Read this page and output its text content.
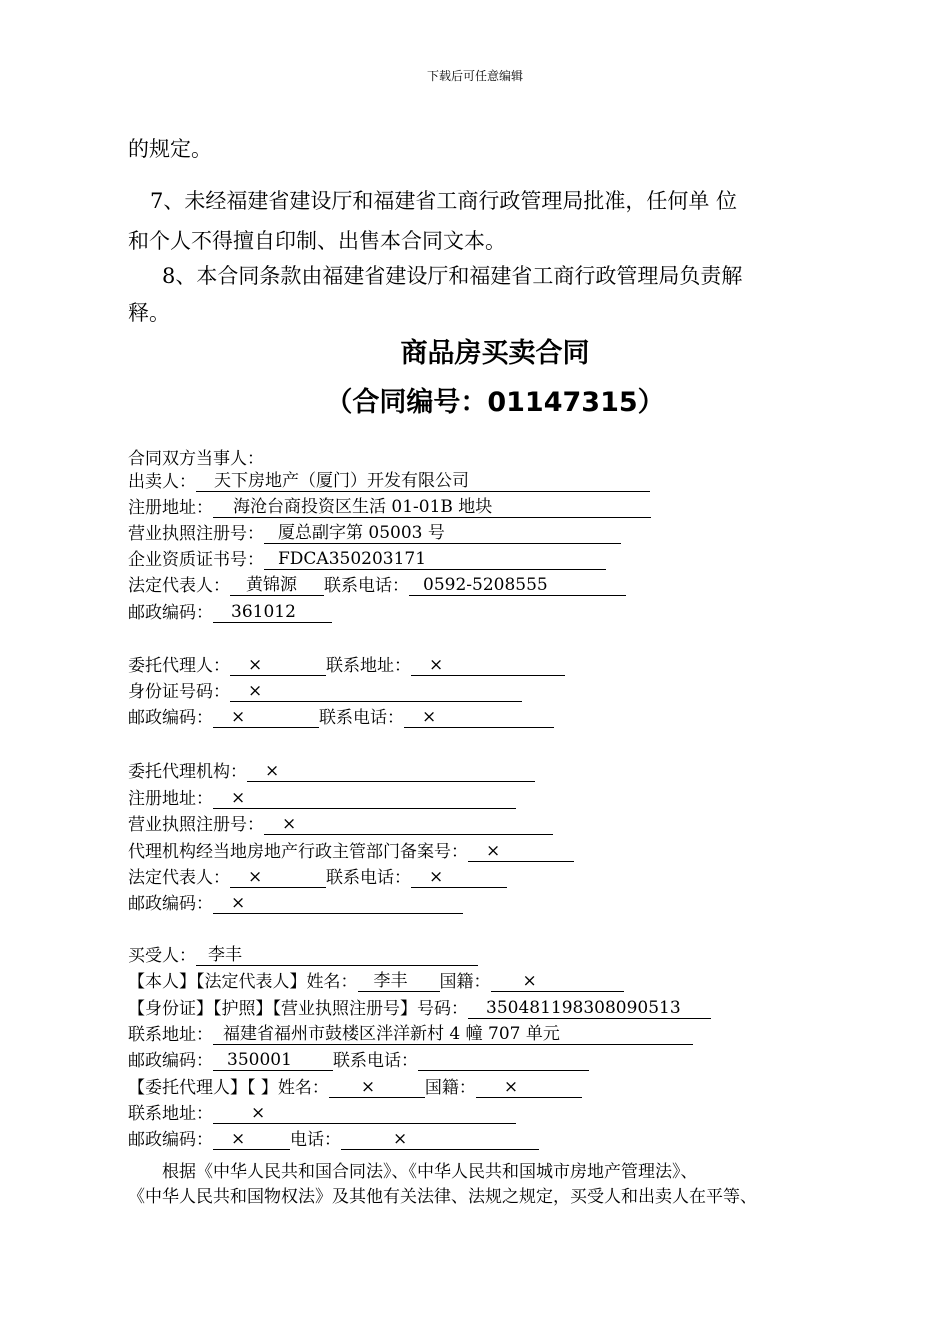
下载后可任意编辑
的规定。
7、未经福建省建设厅和福建省工商行政管理局批准，任何单 位
和个人不得擅自印制、出售本合同文本。
8、本合同条款由福建省建设厅和福建省工商行政管理局负责解
释。
商品房买卖合同
（合同编号：01147315）
合同双方当事人：
出卖人： 天下房地产（厦门）开发有限公司
注册地址： 海沧台商投资区生活 01-01B 地块
营业执照注册号： 厦总副字第 05003 号
企业资质证书号： FDCA350203171
法定代表人： 黄锦源 联系电话： 0592-5208555
邮政编码： 361012
委托代理人： ×	联系地址： ×
身份证号码： ×
邮政编码： ×	联系电话： ×
委托代理机构： ×
注册地址： ×
营业执照注册号： ×
代理机构经当地房地产行政主管部门备案号： ×
法定代表人： ×	联系电话： ×
邮政编码： ×
买受人： 李丰
【本人】【法定代表人】姓名： 李丰 国籍： ×
【身份证】【护照】【营业执照注册号】号码： 350481198308090513
联系地址： 福建省福州市鼓楼区泮洋新村 4 幢 707 单元
邮政编码： 350001 联系电话：
【委托代理人】【 】姓名： ×	国籍： ×
联系地址： ×
邮政编码： ×	电话：	×
根据《中华人民共和国合同法》、《中华人民共和国城市房地产管理法》、
《中华人民共和国物权法》及其他有关法律、法规之规定，买受人和出卖人在平等、
